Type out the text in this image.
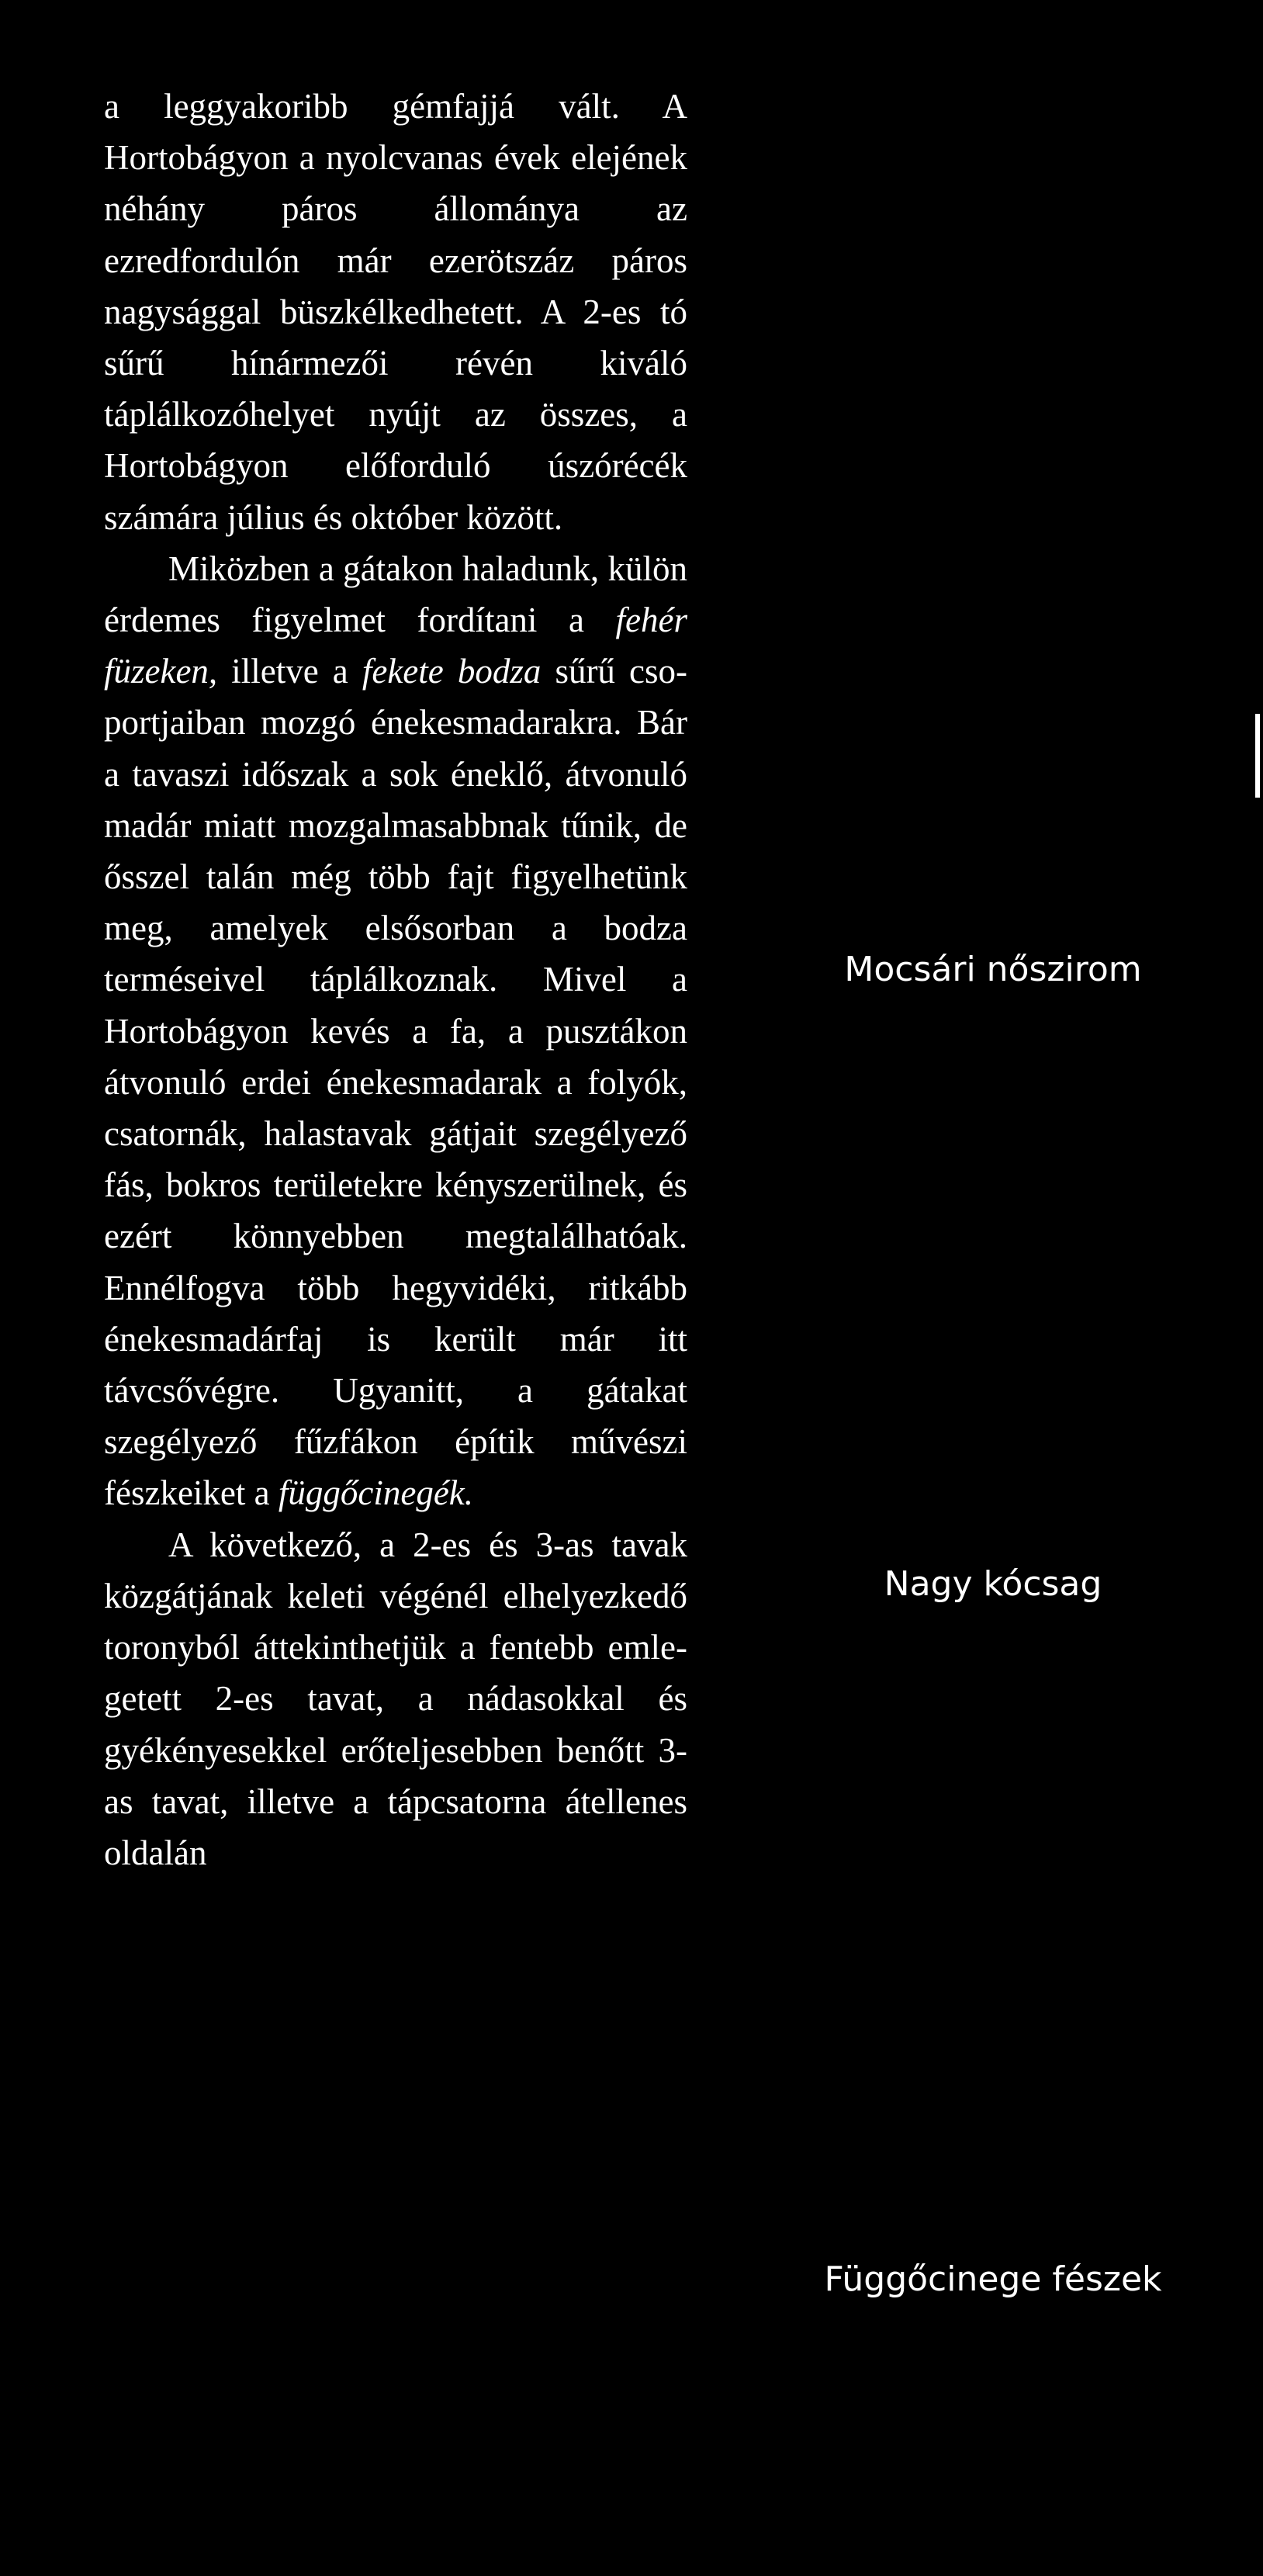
a leggyakoribb gémfajjá vált. A Hortobágyon a nyolcvanas évek elejének néhány páros állománya az ezredfordulón már ezerötszáz páros nagysággal büszkélkedhetett. A 2-es tó sűrű hínármezői révén kiváló táplálkozóhelyet nyújt az összes, a Hortobágyon előforduló úszórécék számára július és október között.

Miközben a gátakon haladunk, külön érdemes figyelmet fordítani a fehér füzeken, illetve a fekete bodza sűrű csoportjaiban mozgó énekesmadarakra. Bár a tavaszi időszak a sok éneklő, átvonuló madár miatt mozgalmasabbnak tűnik, de ősszel talán még több fajt figyelhetünk meg, amelyek elsősorban a bodza terméseivel táplálkoznak. Mivel a Hortobágyon kevés a fa, a pusztákon átvonuló erdei énekesmadarak a folyók, csatornák, halastavak gátjait szegélyező fás, bokros területekre kényszerülnek, és ezért könnyebben megtalálhatóak. Ennélfogva több hegyvidéki, ritkább énekesmadárfaj is került már itt távcsővégre. Ugyanitt, a gátakat szegélyező fűzfákon építik művészi fészkeiket a függőcinegék.

A következő, a 2-es és 3-as tavak közgátjának keleti végénél elhelyezkedő toronyból áttekinthetjük a fentebb emlegetett 2-es tavat, a nádasokkal és gyékényesekkel erőteljesebben benőtt 3-as tavat, illetve a tápcsatorna átellenes oldalán

Mocsári nőszirom
Nagy kócsag
Függőcinege fészek
